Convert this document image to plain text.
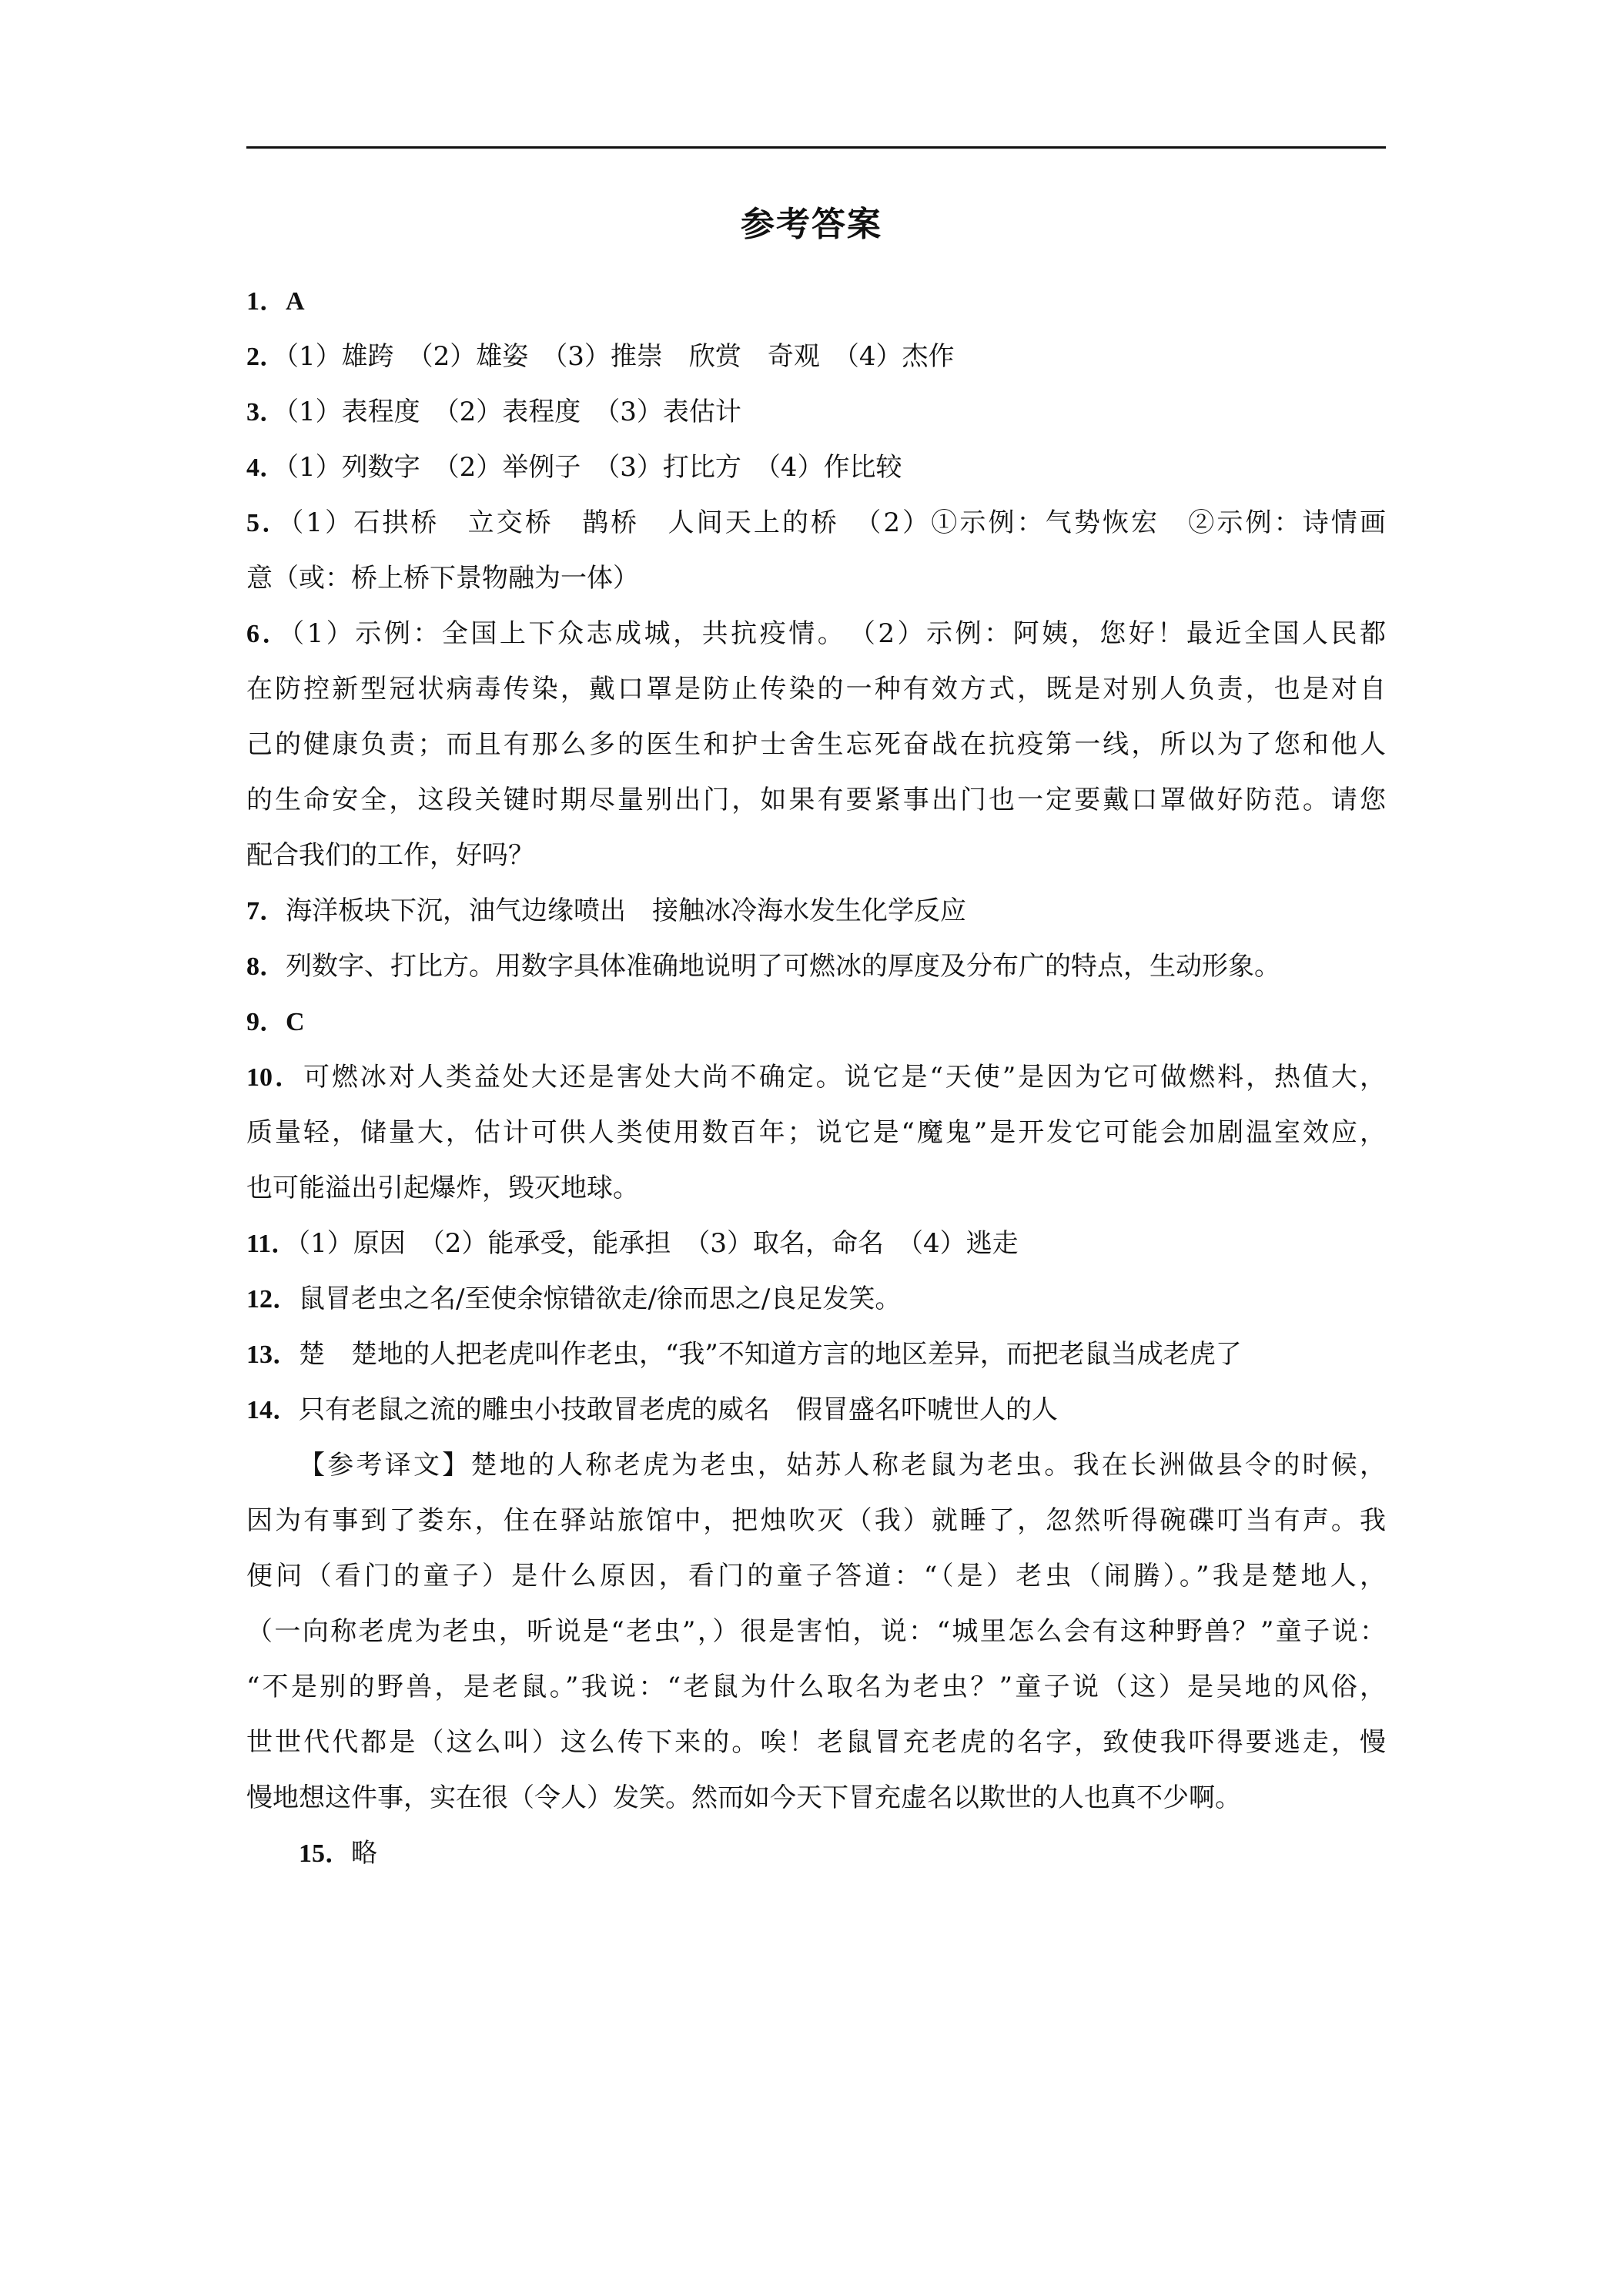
参考答案
1．A
2．（1）雄跨　（2）雄姿　（3）推崇　欣赏　奇观　（4）杰作
3．（1）表程度　（2）表程度　（3）表估计
4．（1）列数字　（2）举例子　（3）打比方　（4）作比较
5．（1）石拱桥　立交桥　鹊桥　人间天上的桥　（2）①示例：气势恢宏　②示例：诗情画
意（或：桥上桥下景物融为一体）
6．（1）示例：全国上下众志成城，共抗疫情。　（2）示例：阿姨，您好！最近全国人民都
在防控新型冠状病毒传染，戴口罩是防止传染的一种有效方式，既是对别人负责，也是对自
己的健康负责；而且有那么多的医生和护士舍生忘死奋战在抗疫第一线，所以为了您和他人
的生命安全，这段关键时期尽量别出门，如果有要紧事出门也一定要戴口罩做好防范。请您
配合我们的工作，好吗？
7．海洋板块下沉，油气边缘喷出　接触冰冷海水发生化学反应
8．列数字、打比方。用数字具体准确地说明了可燃冰的厚度及分布广的特点，生动形象。
9．C
10．可燃冰对人类益处大还是害处大尚不确定。说它是“天使”是因为它可做燃料，热值大，
质量轻，储量大，估计可供人类使用数百年；说它是“魔鬼”是开发它可能会加剧温室效应，
也可能溢出引起爆炸，毁灭地球。
11．（1）原因　（2）能承受，能承担　（3）取名，命名　（4）逃走
12．鼠冒老虫之名/至使余惊错欲走/徐而思之/良足发笑。
13．楚　楚地的人把老虎叫作老虫，“我”不知道方言的地区差异，而把老鼠当成老虎了
14．只有老鼠之流的雕虫小技敢冒老虎的威名　假冒盛名吓唬世人的人
【参考译文】楚地的人称老虎为老虫，姑苏人称老鼠为老虫。我在长洲做县令的时候，
因为有事到了娄东，住在驿站旅馆中，把烛吹灭（我）就睡了，忽然听得碗碟叮当有声。我
便问（看门的童子）是什么原因，看门的童子答道：“（是）老虫（闹腾）。”我是楚地人，
（一向称老虎为老虫，听说是“老虫”，）很是害怕，说：“城里怎么会有这种野兽？”童子说：
“不是别的野兽，是老鼠。”我说：“老鼠为什么取名为老虫？”童子说（这）是吴地的风俗，
世世代代都是（这么叫）这么传下来的。唉！老鼠冒充老虎的名字，致使我吓得要逃走，慢
慢地想这件事，实在很（令人）发笑。然而如今天下冒充虚名以欺世的人也真不少啊。
15．略
